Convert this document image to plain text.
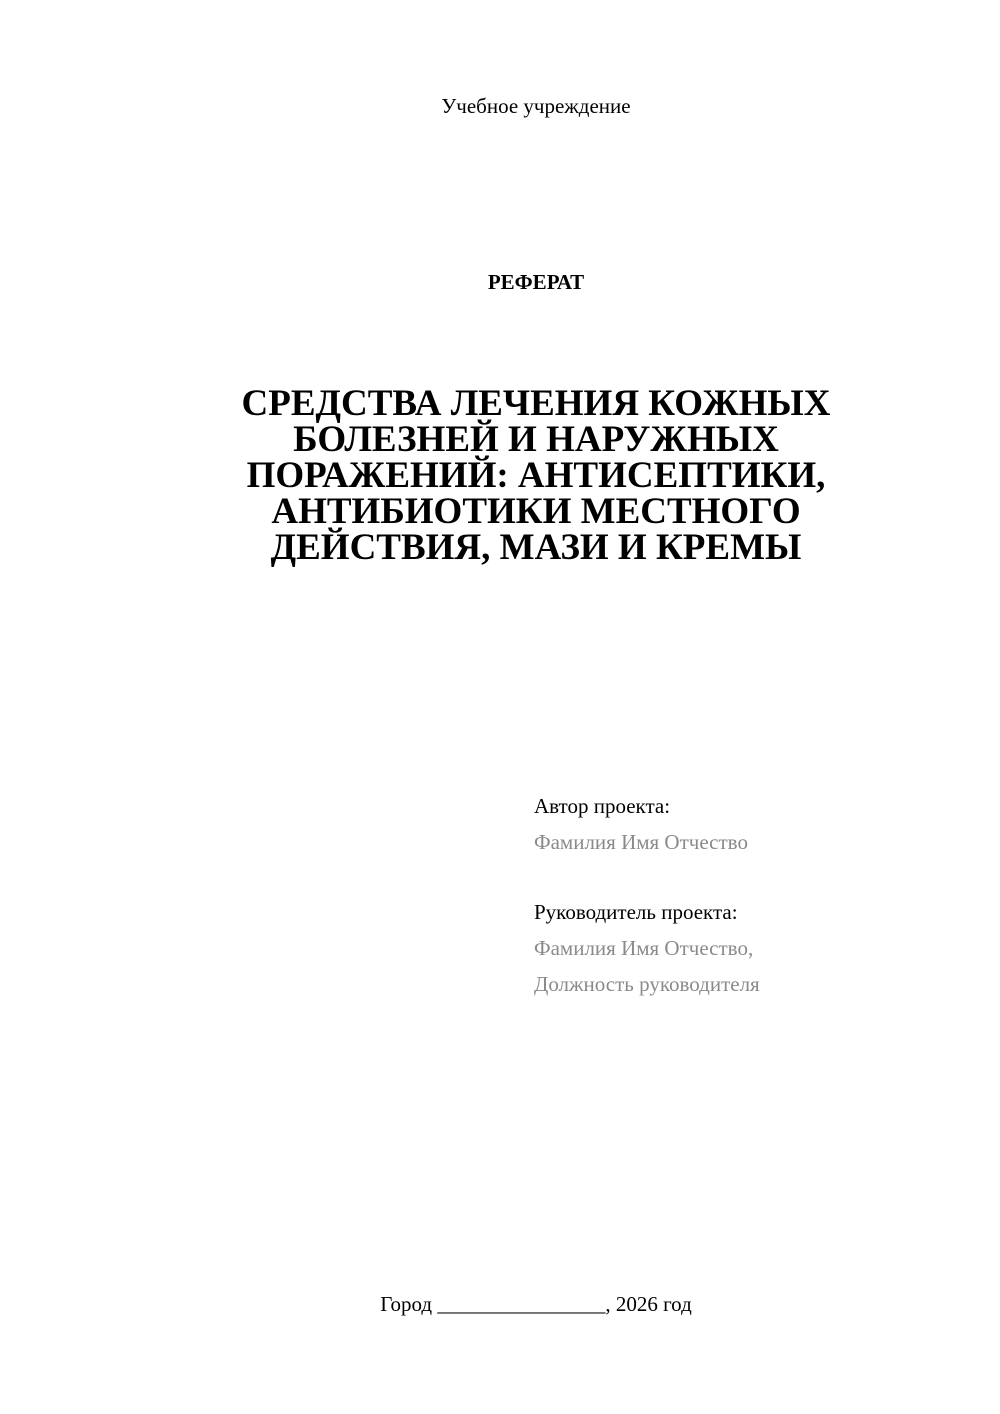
Учебное учреждение
РЕФЕРАТ
СРЕДСТВА ЛЕЧЕНИЯ КОЖНЫХ
БОЛЕЗНЕЙ И НАРУЖНЫХ
ПОРАЖЕНИЙ: АНТИСЕПТИКИ,
АНТИБИОТИКИ МЕСТНОГО
ДЕЙСТВИЯ, МАЗИ И КРЕМЫ
Автор проекта:
Фамилия Имя Отчество
Руководитель проекта:
Фамилия Имя Отчество,
Должность руководителя
Город ________________, 2026 год
